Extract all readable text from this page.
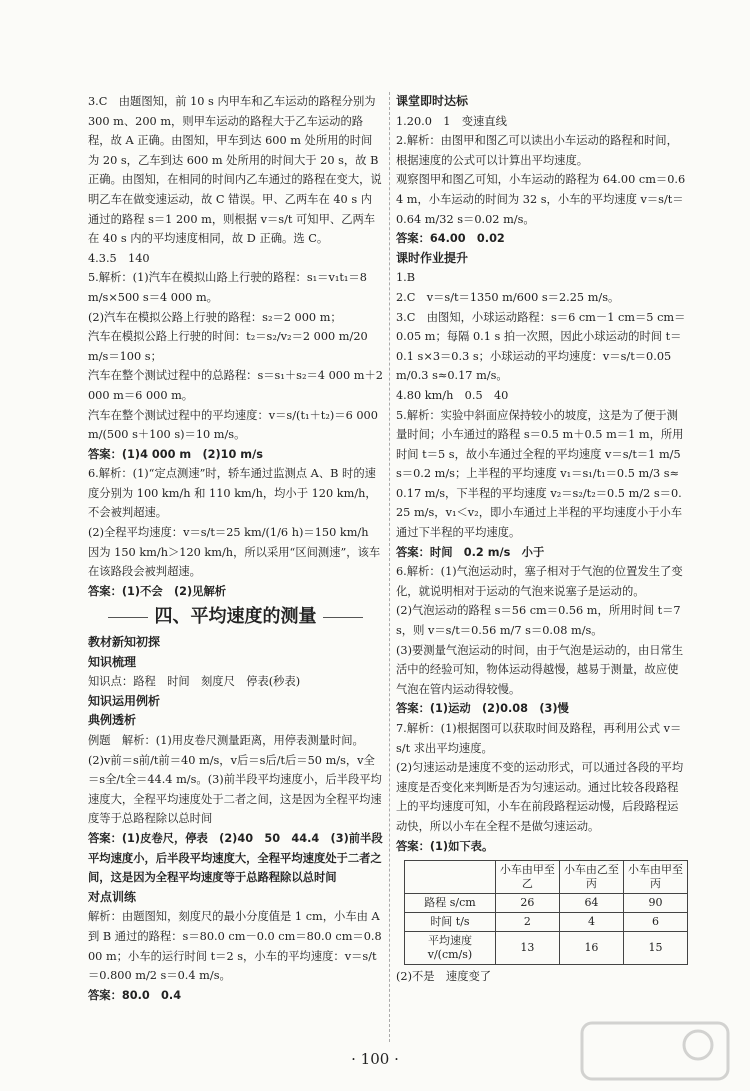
3.C　由题图知，前 10 s 内甲车和乙车运动的路程分别为 300 m、200 m，则甲车运动的路程大于乙车运动的路程，故 A 正确。由图知，甲车到达 600 m 处所用的时间为 20 s，乙车到达 600 m 处所用的时间大于 20 s，故 B 正确。由图知，在相同的时间内乙车通过的路程在变大，说明乙车在做变速运动，故 C 错误。甲、乙两车在 40 s 内通过的路程 s＝1 200 m，则根据 v＝s/t 可知甲、乙两车在 40 s 内的平均速度相同，故 D 正确。选 C。

4.3.5　140

5.解析：(1)汽车在模拟山路上行驶的路程：s₁＝v₁t₁＝8 m/s×500 s＝4 000 m。

(2)汽车在模拟公路上行驶的路程：s₂＝2 000 m；

汽车在模拟公路上行驶的时间：t₂＝s₂/v₂＝2 000 m/20 m/s＝100 s；

汽车在整个测试过程中的总路程：s＝s₁＋s₂＝4 000 m＋2 000 m＝6 000 m。

汽车在整个测试过程中的平均速度：v＝s/(t₁＋t₂)＝6 000 m/(500 s＋100 s)＝10 m/s。

答案：(1)4 000 m　(2)10 m/s

6.解析：(1)“定点测速”时，轿车通过监测点 A、B 时的速度分别为 100 km/h 和 110 km/h，均小于 120 km/h，不会被判超速。

(2)全程平均速度：v＝s/t＝25 km/(1/6 h)＝150 km/h

因为 150 km/h＞120 km/h，所以采用“区间测速”，该车在该路段会被判超速。

答案：(1)不会　(2)见解析

四、平均速度的测量

教材新知初探

知识梳理

知识点：路程　时间　刻度尺　停表(秒表)

知识运用例析

典例透析

例题　解析：(1)用皮卷尺测量距离，用停表测量时间。

(2)v前＝s前/t前＝40 m/s，v后＝s后/t后＝50 m/s，v全＝s全/t全＝44.4 m/s。(3)前半段平均速度小，后半段平均速度大，全程平均速度处于二者之间，这是因为全程平均速度等于总路程除以总时间

答案：(1)皮卷尺，停表　(2)40　50　44.4　(3)前半段平均速度小，后半段平均速度大，全程平均速度处于二者之间，这是因为全程平均速度等于总路程除以总时间

对点训练

解析：由题图知，刻度尺的最小分度值是 1 cm，小车由 A 到 B 通过的路程：s＝80.0 cm－0.0 cm＝80.0 cm＝0.800 m；小车的运行时间 t＝2 s，小车的平均速度：v＝s/t＝0.800 m/2 s＝0.4 m/s。

答案：80.0　0.4

课堂即时达标

1.20.0　1　变速直线

2.解析：由图甲和图乙可以读出小车运动的路程和时间，根据速度的公式可以计算出平均速度。

观察图甲和图乙可知，小车运动的路程为 64.00 cm＝0.64 m，小车运动的时间为 32 s，小车的平均速度 v＝s/t＝0.64 m/32 s＝0.02 m/s。

答案：64.00　0.02

课时作业提升

1.B

2.C　v＝s/t＝1350 m/600 s＝2.25 m/s。

3.C　由图知，小球运动路程：s＝6 cm－1 cm＝5 cm＝0.05 m；每隔 0.1 s 拍一次照，因此小球运动的时间 t＝0.1 s×3＝0.3 s；小球运动的平均速度：v＝s/t＝0.05 m/0.3 s≈0.17 m/s。

4.80 km/h　0.5　40

5.解析：实验中斜面应保持较小的坡度，这是为了便于测量时间；小车通过的路程 s＝0.5 m＋0.5 m＝1 m，所用时间 t＝5 s，故小车通过全程的平均速度 v＝s/t＝1 m/5 s＝0.2 m/s；上半程的平均速度 v₁＝s₁/t₁＝0.5 m/3 s≈0.17 m/s，下半程的平均速度 v₂＝s₂/t₂＝0.5 m/2 s＝0.25 m/s，v₁＜v₂，即小车通过上半程的平均速度小于小车通过下半程的平均速度。

答案：时间　0.2 m/s　小于

6.解析：(1)气泡运动时，塞子相对于气泡的位置发生了变化，就说明相对于运动的气泡来说塞子是运动的。

(2)气泡运动的路程 s＝56 cm＝0.56 m，所用时间 t＝7 s，则 v＝s/t＝0.56 m/7 s＝0.08 m/s。

(3)要测量气泡运动的时间，由于气泡是运动的，由日常生活中的经验可知，物体运动得越慢，越易于测量，故应使气泡在管内运动得较慢。

答案：(1)运动　(2)0.08　(3)慢

7.解析：(1)根据图可以获取时间及路程，再利用公式 v＝s/t 求出平均速度。

(2)匀速运动是速度不变的运动形式，可以通过各段的平均速度是否变化来判断是否为匀速运动。通过比较各段路程上的平均速度可知，小车在前段路程运动慢，后段路程运动快，所以小车在全程不是做匀速运动。

答案：(1)如下表。

	小车由甲至乙	小车由乙至丙	小车由甲至丙
路程 s/cm	26	64	90
时间 t/s	2	4	6
平均速度 v/(cm/s)	13	16	15

(2)不是　速度变了

· 100 ·
